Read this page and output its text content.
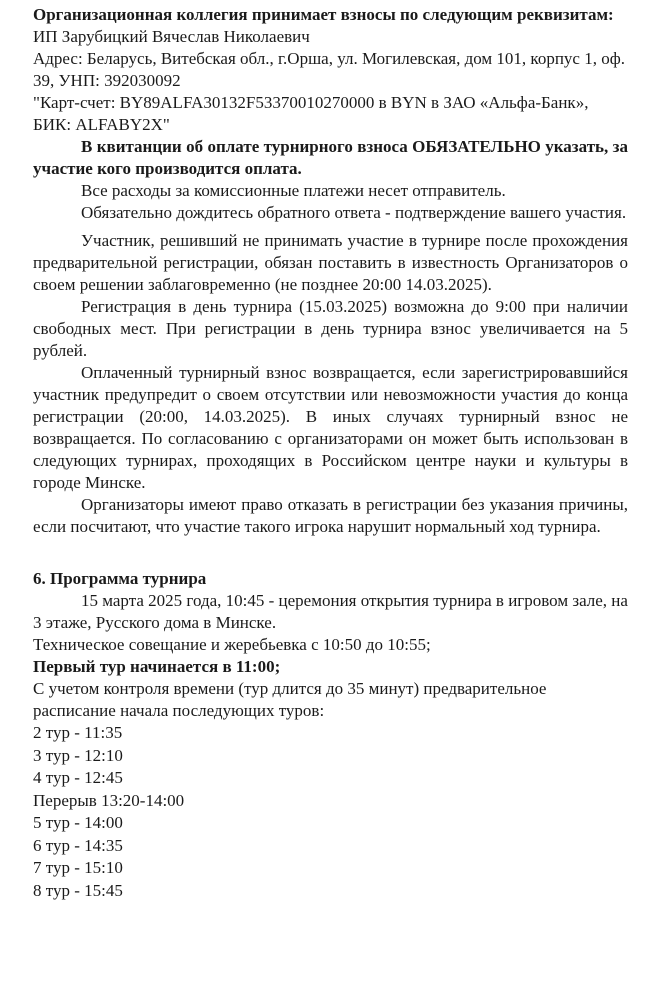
Организационная коллегия принимает взносы по следующим реквизитам:

ИП Зарубицкий Вячеслав Николаевич

Адрес: Беларусь, Витебская обл., г.Орша, ул. Могилевская, дом 101, корпус 1, оф. 39, УНП: 392030092

"Карт-счет: BY89ALFA30132F53370010270000 в BYN в ЗАО «Альфа-Банк», БИК: ALFABY2X"

В квитанции об оплате турнирного взноса ОБЯЗАТЕЛЬНО указать, за участие кого производится оплата.

Все расходы за комиссионные платежи несет отправитель.

Обязательно дождитесь обратного ответа - подтверждение вашего участия.

Участник, решивший не принимать участие в турнире после прохождения предварительной регистрации, обязан поставить в известность Организаторов о своем решении заблаговременно (не позднее 20:00 14.03.2025).

Регистрация в день турнира (15.03.2025) возможна до 9:00 при наличии свободных мест. При регистрации в день турнира взнос увеличивается на 5 рублей.

Оплаченный турнирный взнос возвращается, если зарегистрировавшийся участник предупредит о своем отсутствии или невозможности участия до конца регистрации (20:00, 14.03.2025). В иных случаях турнирный взнос не возвращается. По согласованию с организаторами он может быть использован в следующих турнирах, проходящих в Российском центре науки и культуры в городе Минске.

Организаторы имеют право отказать в регистрации без указания причины, если посчитают, что участие такого игрока нарушит нормальный ход турнира.

6. Программа турнира

15 марта 2025 года, 10:45 - церемония открытия турнира в игровом зале, на 3 этаже, Русского дома в Минске.

Техническое совещание и жеребьевка с 10:50 до 10:55;

Первый тур начинается в 11:00;

С учетом контроля времени (тур длится до 35 минут) предварительное расписание начала последующих туров:

2 тур - 11:35

3 тур - 12:10

4 тур - 12:45

Перерыв 13:20-14:00

5 тур - 14:00

6 тур - 14:35

7 тур - 15:10

8 тур - 15:45
